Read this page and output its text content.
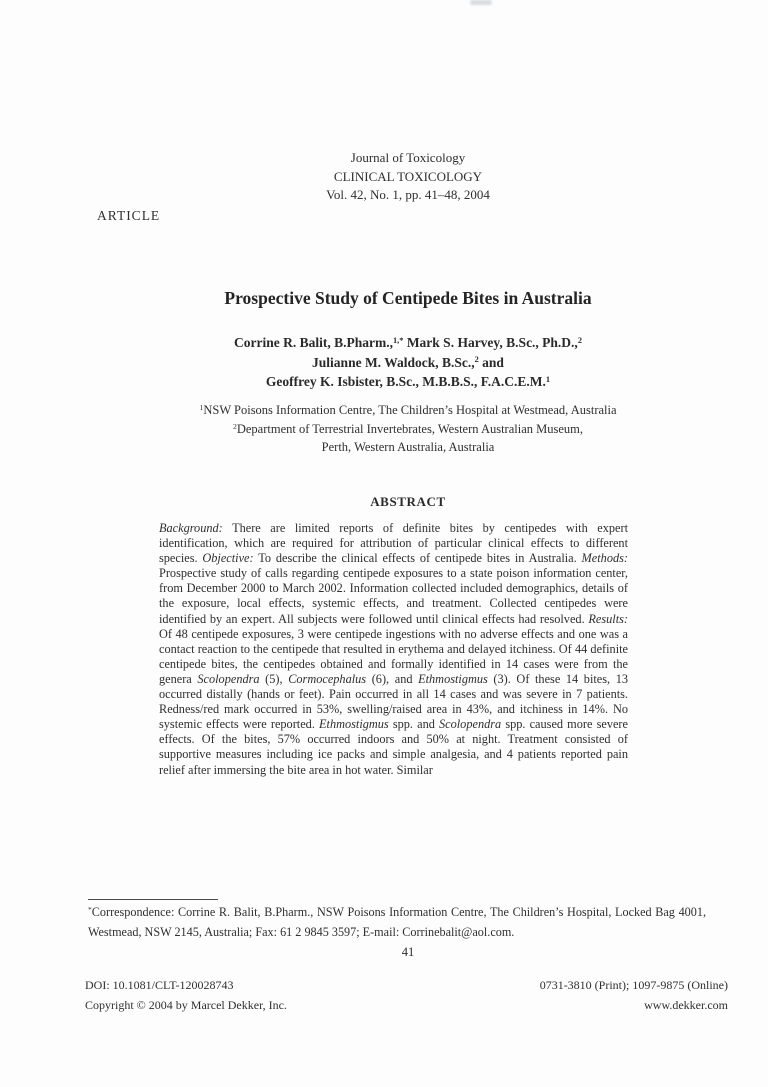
Journal of Toxicology
CLINICAL TOXICOLOGY
Vol. 42, No. 1, pp. 41–48, 2004
ARTICLE
Prospective Study of Centipede Bites in Australia
Corrine R. Balit, B.Pharm.,$^{1,*}$ Mark S. Harvey, B.Sc., Ph.D.,$^2$
Julianne M. Waldock, B.Sc.,$^2$ and
Geoffrey K. Isbister, B.Sc., M.B.B.S., F.A.C.E.M.$^1$
$^1$NSW Poisons Information Centre, The Children’s Hospital at Westmead, Australia
$^2$Department of Terrestrial Invertebrates, Western Australian Museum,
Perth, Western Australia, Australia
ABSTRACT

Background: There are limited reports of definite bites by centipedes with expert identification, which are required for attribution of particular clinical effects to different species. Objective: To describe the clinical effects of centipede bites in Australia. Methods: Prospective study of calls regarding centipede exposures to a state poison information center, from December 2000 to March 2002. Information collected included demographics, details of the exposure, local effects, systemic effects, and treatment. Collected centipedes were identified by an expert. All subjects were followed until clinical effects had resolved. Results: Of 48 centipede exposures, 3 were centipede ingestions with no adverse effects and one was a contact reaction to the centipede that resulted in erythema and delayed itchiness. Of 44 definite centipede bites, the centipedes obtained and formally identified in 14 cases were from the genera Scolopendra (5), Cormocephalus (6), and Ethmostigmus (3). Of these 14 bites, 13 occurred distally (hands or feet). Pain occurred in all 14 cases and was severe in 7 patients. Redness/red mark occurred in 53%, swelling/raised area in 43%, and itchiness in 14%. No systemic effects were reported. Ethmostigmus spp. and Scolopendra spp. caused more severe effects. Of the bites, 57% occurred indoors and 50% at night. Treatment consisted of supportive measures including ice packs and simple analgesia, and 4 patients reported pain relief after immersing the bite area in hot water. Similar

*Correspondence: Corrine R. Balit, B.Pharm., NSW Poisons Information Centre, The Children’s Hospital, Locked Bag 4001,
Westmead, NSW 2145, Australia; Fax: 61 2 9845 3597; E-mail: Corrinebalit@aol.com.
41
DOI: 10.1081/CLT-120028743
Copyright © 2004 by Marcel Dekker, Inc.
0731-3810 (Print); 1097-9875 (Online)
www.dekker.com
